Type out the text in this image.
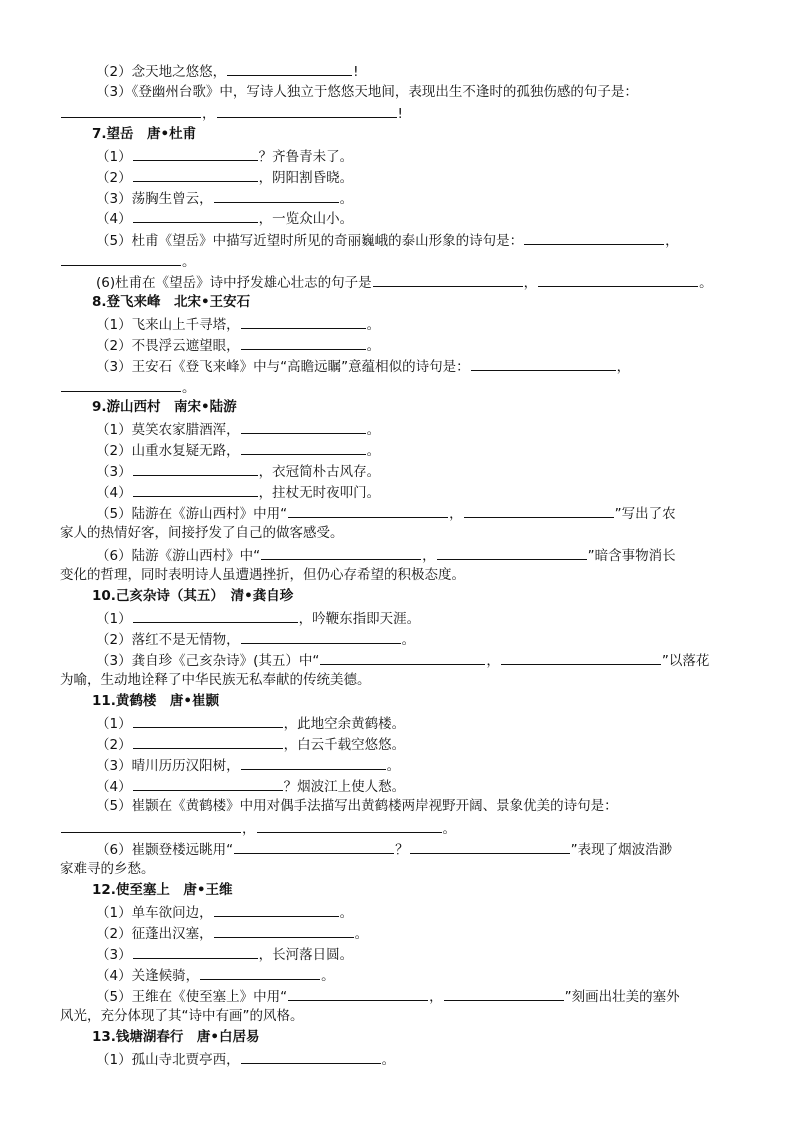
（2）念天地之悠悠，	!
（3）《登幽州台歌》中，写诗人独立于悠悠天地间，表现出生不逢时的孤独伤感的句子是：
，	!
7.望岳　唐•杜甫
（1）	？齐鲁青未了。
（2）	，阴阳割昏晓。
（3）荡胸生曾云，	。
（4）	，一览众山小。
（5）杜甫《望岳》中描写近望时所见的奇丽巍峨的泰山形象的诗句是：	，
。
(6)杜甫在《望岳》诗中抒发雄心壮志的句子是	，	。
8.登飞来峰　北宋•王安石
（1）飞来山上千寻塔，	。
（2）不畏浮云遮望眼，	。
（3）王安石《登飞来峰》中与“高瞻远瞩”意蕴相似的诗句是：	，
。
9.游山西村　南宋•陆游
（1）莫笑农家腊酒浑，	。
（2）山重水复疑无路，	。
（3）	，衣冠简朴古风存。
（4）	，拄杖无时夜叩门。
（5）陆游在《游山西村》中用“	，	”写出了农
家人的热情好客，间接抒发了自己的做客感受。
（6）陆游《游山西村》中“	，	”暗含事物消长
变化的哲理，同时表明诗人虽遭遇挫折，但仍心存希望的积极态度。
10.己亥杂诗（其五）　清•龚自珍
（1）	，吟鞭东指即天涯。
（2）落红不是无情物，	。
（3）龚自珍《己亥杂诗》(其五）中“	，	”以落花
为喻，生动地诠释了中华民族无私奉献的传统美德。
11.黄鹤楼　唐•崔颢
（1）	，此地空余黄鹤楼。
（2）	，白云千载空悠悠。
（3）晴川历历汉阳树，	。
（4）	？烟波江上使人愁。
（5）崔颢在《黄鹤楼》中用对偶手法描写出黄鹤楼两岸视野开阔、景象优美的诗句是：
，	。
（6）崔颢登楼远眺用“	？	”表现了烟波浩渺
家难寻的乡愁。
12.使至塞上　唐•王维
（1）单车欲问边，	。
（2）征蓬出汉塞，	。
（3）	，长河落日圆。
（4）关逢候骑，	。
（5）王维在《使至塞上》中用“	，	”刻画出壮美的塞外
风光，充分体现了其“诗中有画”的风格。
13.钱塘湖春行　唐•白居易
（1）孤山寺北贾亭西，	。
